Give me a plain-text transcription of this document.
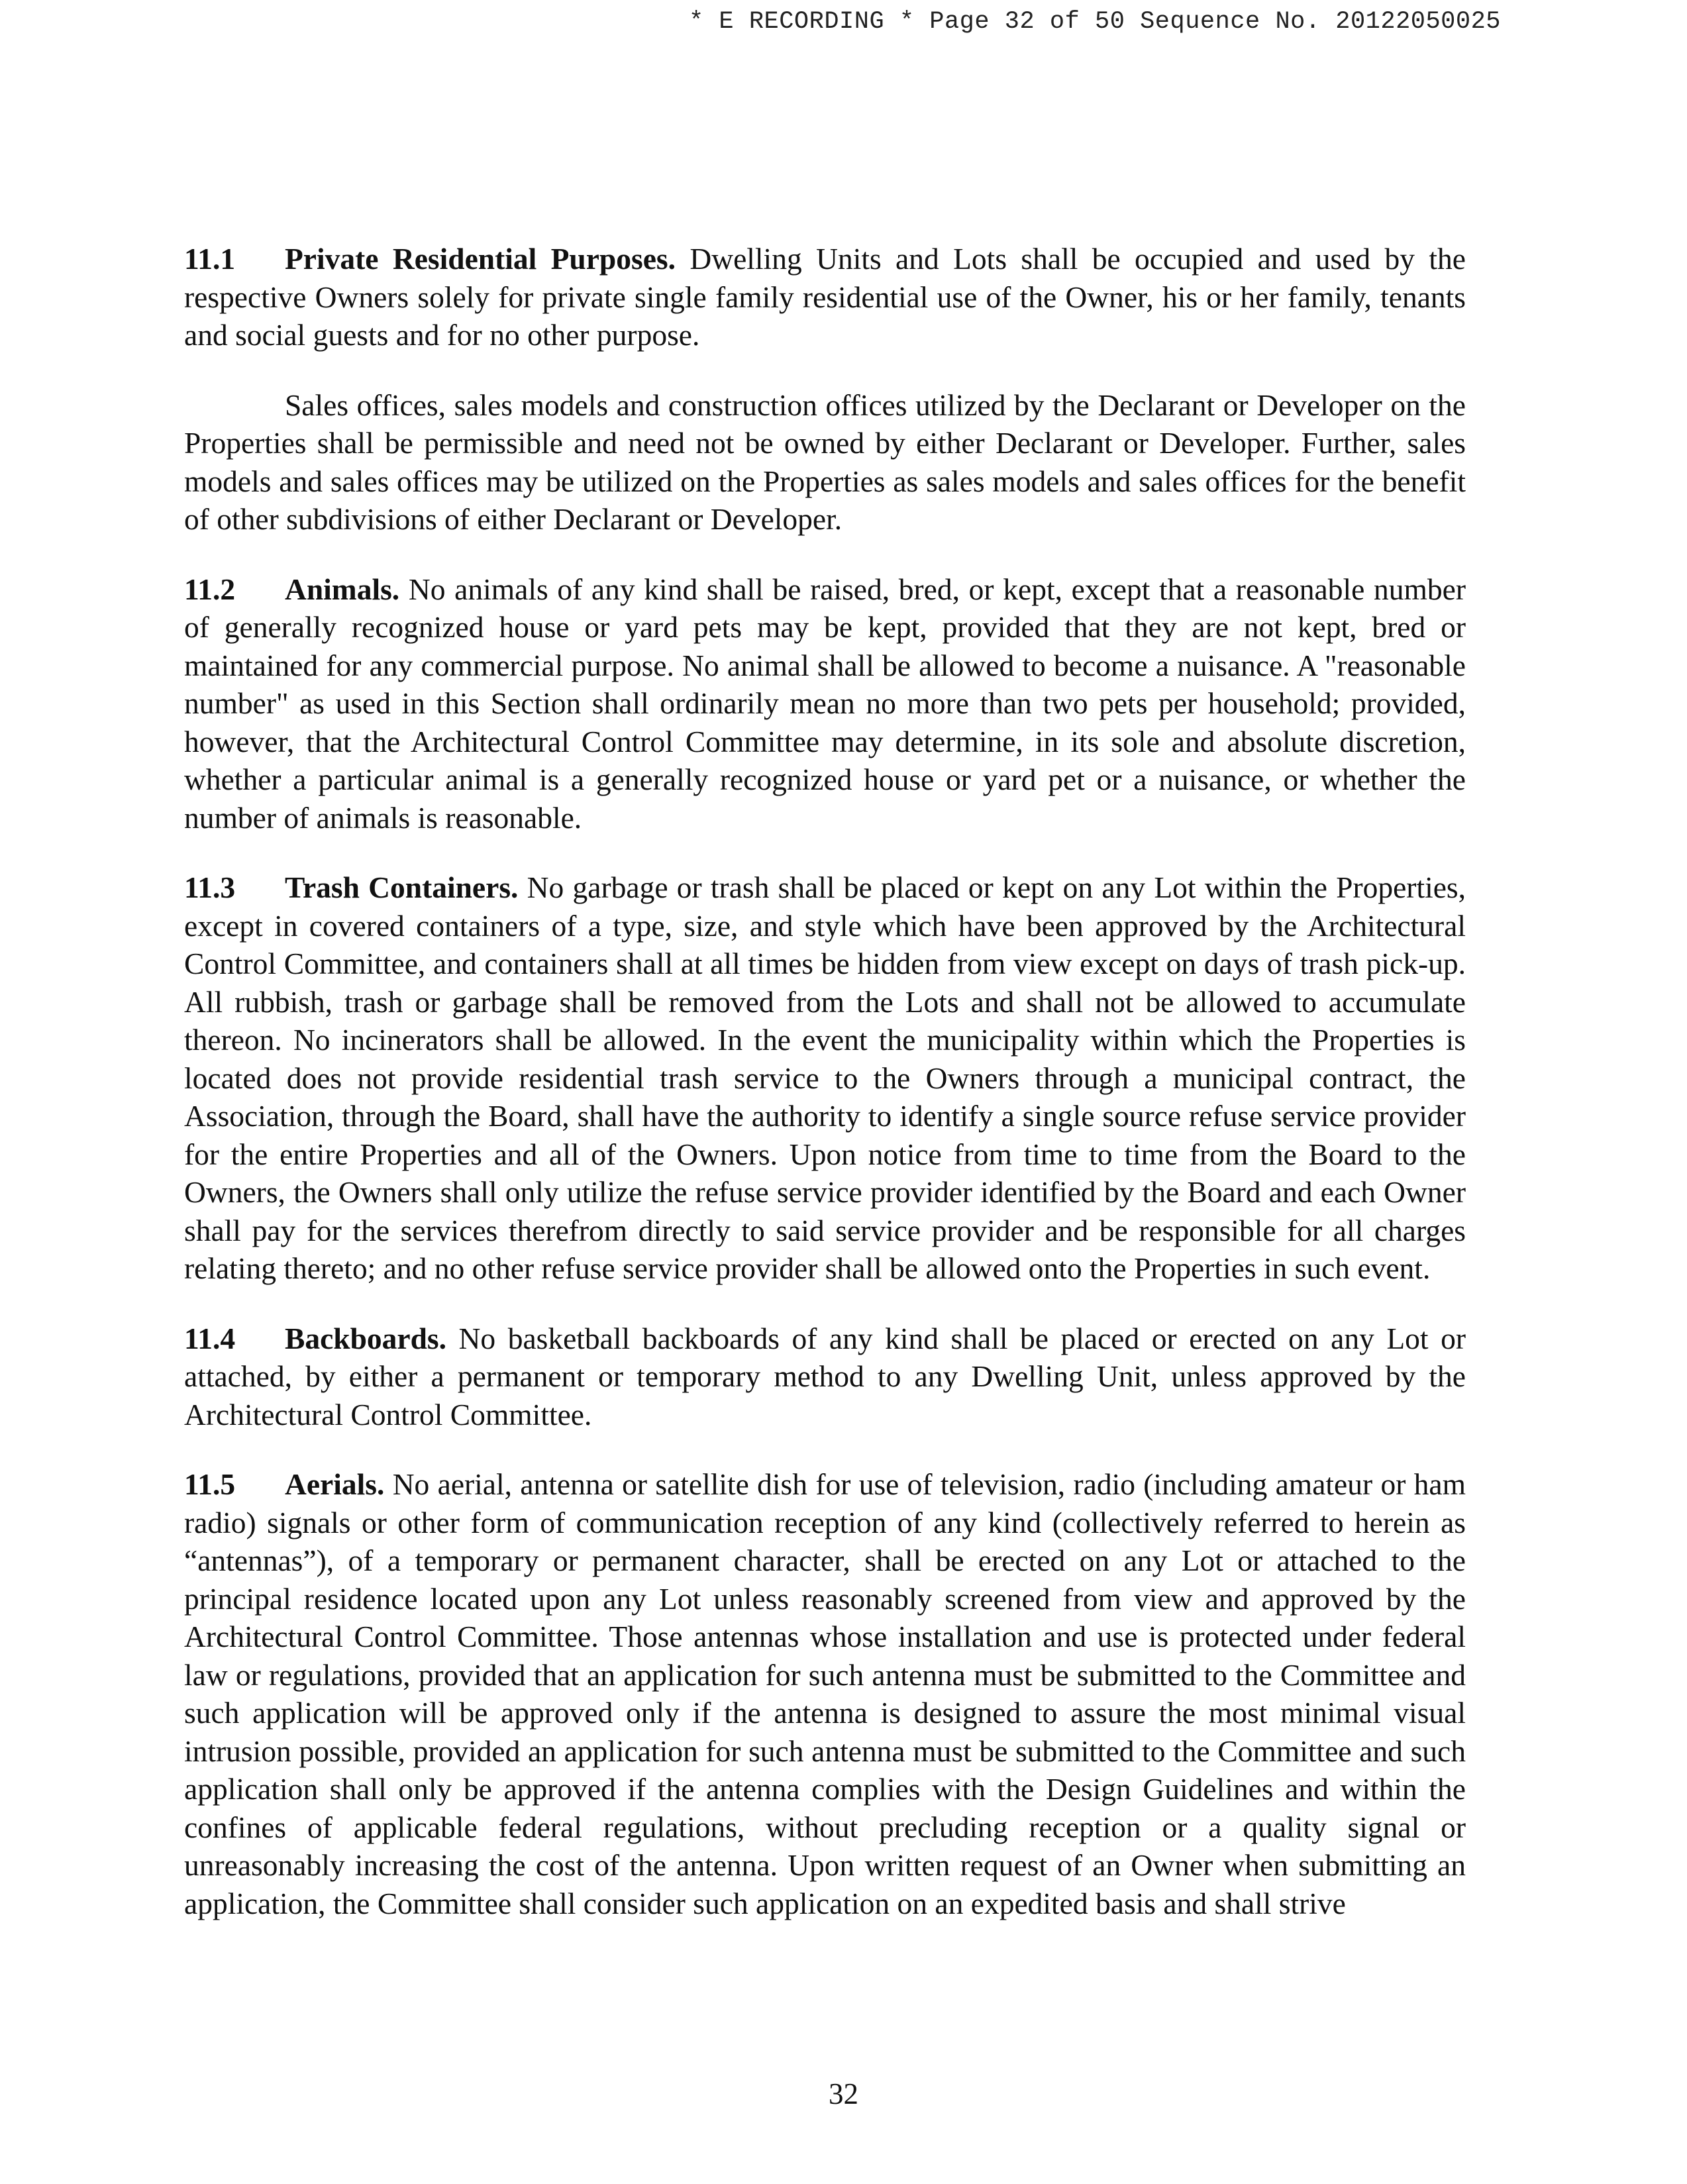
* E RECORDING * Page 32 of 50 Sequence No. 20122050025

11.1 Private Residential Purposes. Dwelling Units and Lots shall be occupied and used by the respective Owners solely for private single family residential use of the Owner, his or her family, tenants and social guests and for no other purpose.

Sales offices, sales models and construction offices utilized by the Declarant or Developer on the Properties shall be permissible and need not be owned by either Declarant or Developer. Further, sales models and sales offices may be utilized on the Properties as sales models and sales offices for the benefit of other subdivisions of either Declarant or Developer.

11.2 Animals. No animals of any kind shall be raised, bred, or kept, except that a reasonable number of generally recognized house or yard pets may be kept, provided that they are not kept, bred or maintained for any commercial purpose. No animal shall be allowed to become a nuisance. A "reasonable number" as used in this Section shall ordinarily mean no more than two pets per household; provided, however, that the Architectural Control Committee may determine, in its sole and absolute discretion, whether a particular animal is a generally recognized house or yard pet or a nuisance, or whether the number of animals is reasonable.

11.3 Trash Containers. No garbage or trash shall be placed or kept on any Lot within the Properties, except in covered containers of a type, size, and style which have been approved by the Architectural Control Committee, and containers shall at all times be hidden from view except on days of trash pick-up. All rubbish, trash or garbage shall be removed from the Lots and shall not be allowed to accumulate thereon. No incinerators shall be allowed. In the event the municipality within which the Properties is located does not provide residential trash service to the Owners through a municipal contract, the Association, through the Board, shall have the authority to identify a single source refuse service provider for the entire Properties and all of the Owners. Upon notice from time to time from the Board to the Owners, the Owners shall only utilize the refuse service provider identified by the Board and each Owner shall pay for the services therefrom directly to said service provider and be responsible for all charges relating thereto; and no other refuse service provider shall be allowed onto the Properties in such event.

11.4 Backboards. No basketball backboards of any kind shall be placed or erected on any Lot or attached, by either a permanent or temporary method to any Dwelling Unit, unless approved by the Architectural Control Committee.

11.5 Aerials. No aerial, antenna or satellite dish for use of television, radio (including amateur or ham radio) signals or other form of communication reception of any kind (collectively referred to herein as “antennas”), of a temporary or permanent character, shall be erected on any Lot or attached to the principal residence located upon any Lot unless reasonably screened from view and approved by the Architectural Control Committee. Those antennas whose installation and use is protected under federal law or regulations, provided that an application for such antenna must be submitted to the Committee and such application will be approved only if the antenna is designed to assure the most minimal visual intrusion possible, provided an application for such antenna must be submitted to the Committee and such application shall only be approved if the antenna complies with the Design Guidelines and within the confines of applicable federal regulations, without precluding reception or a quality signal or unreasonably increasing the cost of the antenna. Upon written request of an Owner when submitting an application, the Committee shall consider such application on an expedited basis and shall strive

32
